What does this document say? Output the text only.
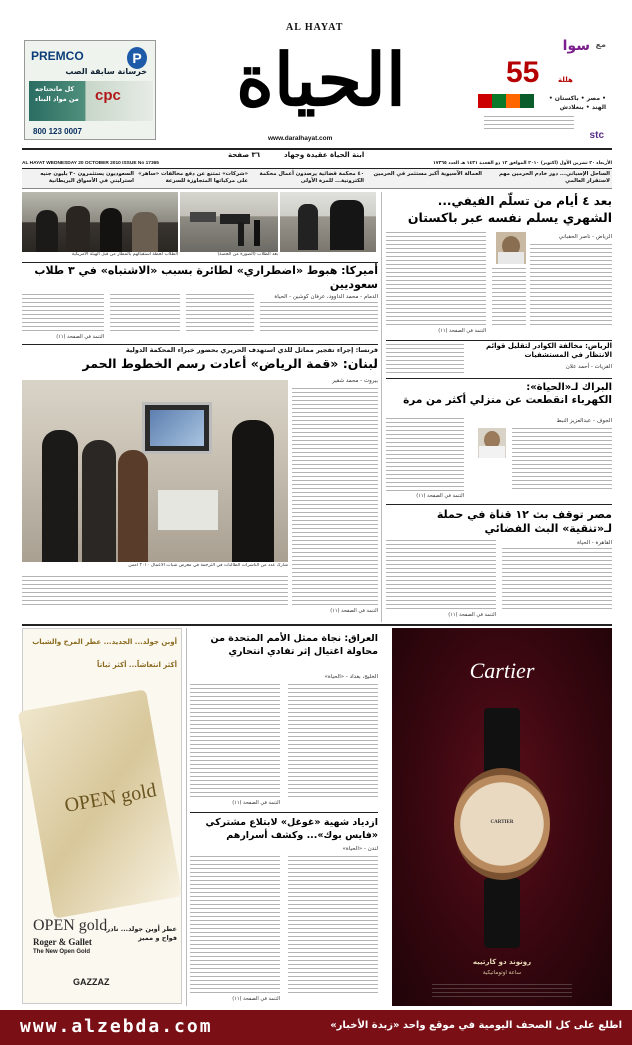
PREMCO	P
خرسانة سابقة الصب
كل ماتحتاجه
من مواد البناء cpc
800 123 0007
AL HAYAT
الحياة
www.daralhayat.com
مع
سوا
55	هللة
• مصر • باكستان • الهند • بنغلادش
stc
٣٦ صفحة	ابنة الحياة عقيدة وجهاد
AL HAYAT WEDNESDAY 20 OCTOBER 2010 ISSUE No 17365	الأربعاء ٢٠ تشرين الأول (اكتوبر) ٢٠١٠ الموافق ١٢ ذو القعدة ١٤٣١ هـ العدد ١٧٣٦٥
السعوديون يستثمرون ٣٠ بليون جنيه استرليني في الأسواق البريطانية
«شركات» تمتنع عن دفع مخالفات «ساهر» على مركباتها المتجاوزة للسرعة
٤٠ محكمة قضائية يرصدون أعمال محكمة الكترونية... للمرة الأولى
العمالة الآسيوية أكبر مستثمر في الحرمين	الساحل الإسباني... دور خادم الحرمين مهم لاستقرار العالمي
الطلاب لحظة استقبالهم بالمطار من قبل الهيئة الأمريكية	بعد الطلاب (الصورة من الحصة)
أميركا: هبوط «اضطراري» لطائرة بسبب «الاشتباه» في ٣ طلاب سعوديين
الدمام - محمد الداوود، عرفان كوشين - الحياة
التتمة في الصفحة (١١)
بعد ٤ أيام من تسلّم الفيفي...
الشهري يسلم نفسه عبر باكستان
الرياض - ناصر الحقباني
التتمة في الصفحة (١١)
الرياض: مخالفة الكوادر لتقليل قوائم الانتظار في المستشفيات
القريات - أحمد علان
البراك لـ«الحياة»:
الكهرباء انقطعت عن منزلي أكثر من مرة
الجوف - عبدالعزيز النبط
التتمة في الصفحة (١١)
مصر توقف بث ١٢ قناة في حملة لـ«تنقية» البث الفضائي
القاهرة - الحياة
التتمة في الصفحة (١١)
فرنسا: إجراء تفجير مماثل للذي استهدف الحريري بحضور خبراء المحكمة الدولية
لبنان: «قمة الرياض» أعادت رسم الخطوط الحمر
بيروت - محمد شقير
شارك عدد من الناشرات الطالبات في الترجمة في معرض شباب الأعمال ٢٠١٠ أمس
التتمة في الصفحة (١١)
أوبن جولد... الجديد... عطر المرح والشباب
أكثر انتعاشاً... أكثر ثباتاً
OPEN gold
OPEN gold
Roger & Gallet
The New Open Gold
عطر أوبن جولد... نادر، فواح و مميز
GAZZAZ
العراق: نجاة ممثل الأمم المتحدة من محاولة اغتيال إثر تفادي انتحاري
الخليج، بغداد - «الحياة»
التتمة في الصفحة (١١)
ازدياد شهية «غوغل» لابتلاع مشتركي «فايس بوك»... وكشف أسرارهم
لندن - «الحياة»
التتمة في الصفحة (١١)
Cartier
CARTIER
رونوند دو كارتييه
ساعة اوتوماتيكية
www.alzebda.com	اطلع على كل الصحف اليومية في موقع واحد «زبدة الأخبار»
